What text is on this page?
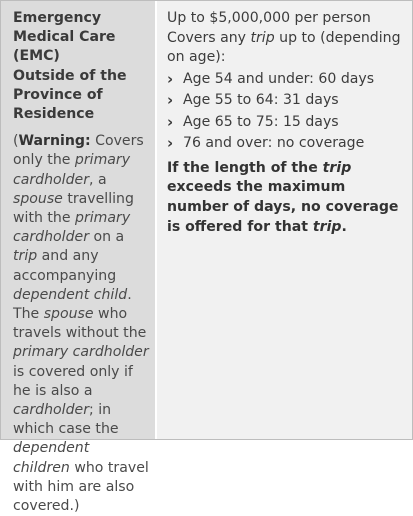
Emergency
Medical Care (EMC)
Outside of the
Province of
Residence
(Warning: Covers only the primary cardholder, a spouse travelling with the primary cardholder on a trip and any accompanying dependent child. The spouse who travels without the primary cardholder is covered only if he is also a cardholder; in which case the dependent children who travel with him are also covered.)

Up to $5,000,000 per person

Covers any trip up to (depending on age):

› Age 54 and under: 60 days
› Age 55 to 64: 31 days
› Age 65 to 75: 15 days
› 76 and over: no coverage

If the length of the trip exceeds the maximum number of days, no coverage is offered for that trip.
